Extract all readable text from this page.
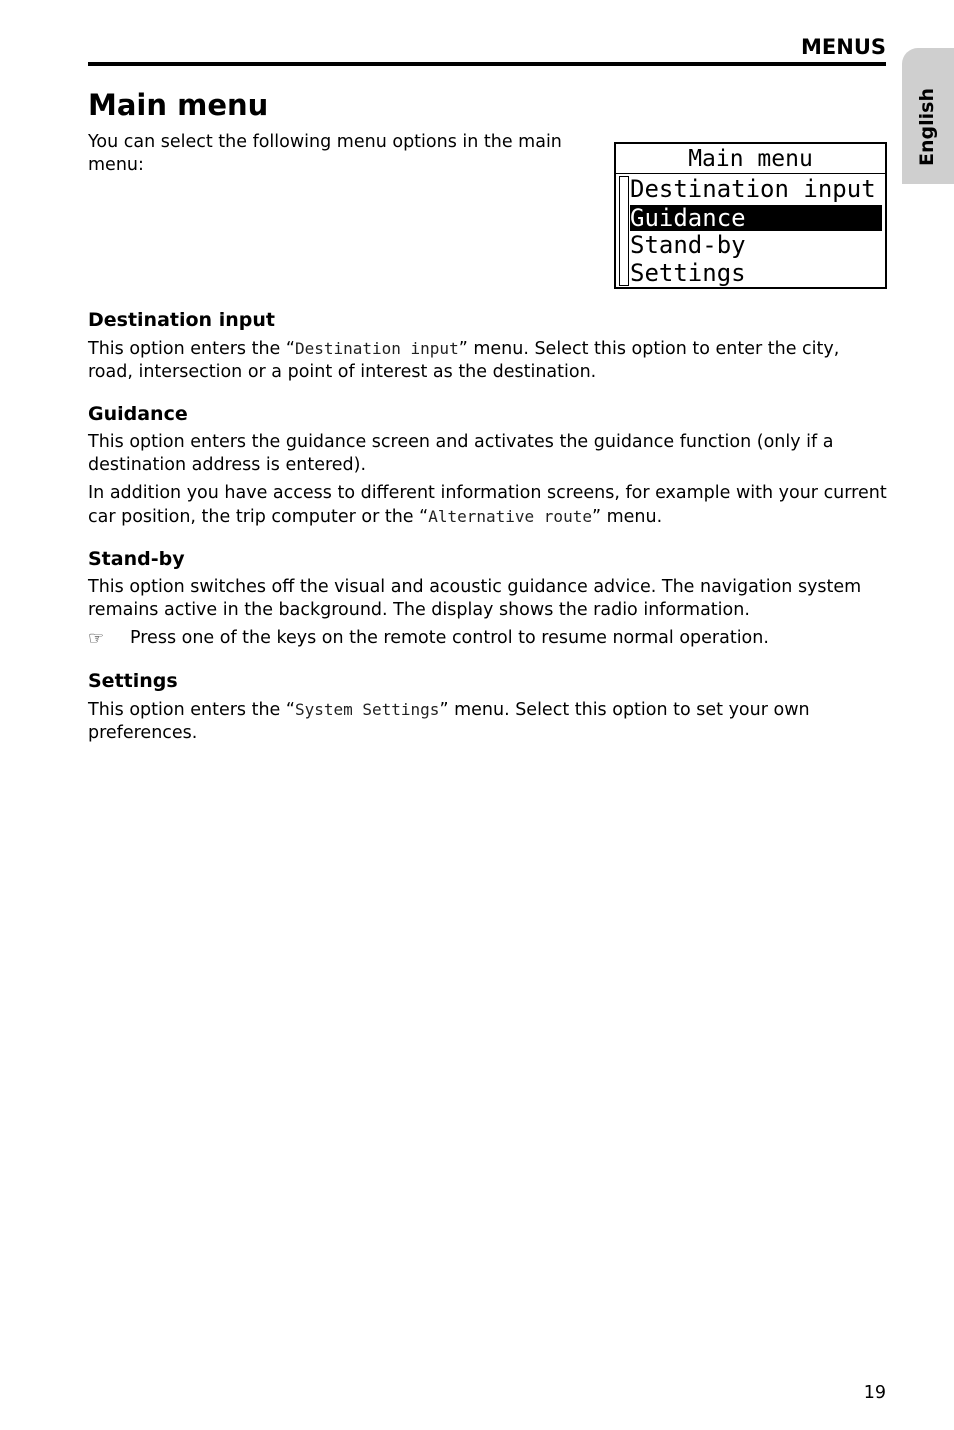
MENUS
English
Main menu

You can select the following menu options in the main menu:	Main menu
Destination input
Guidance
Stand-by
Settings
Destination input

This option enters the “Destination input” menu. Select this option to enter the city, road, intersection or a point of interest as the destination.

Guidance

This option enters the guidance screen and activates the guidance function (only if a destination address is entered).

In addition you have access to different information screens, for example with your current car position, the trip computer or the “Alternative route” menu.

Stand-by

This option switches off the visual and acoustic guidance advice. The navigation system remains active in the background. The display shows the radio information.

☞ Press one of the keys on the remote control to resume normal operation.

Settings

This option enters the “System Settings” menu. Select this option to set your own preferences.

19
